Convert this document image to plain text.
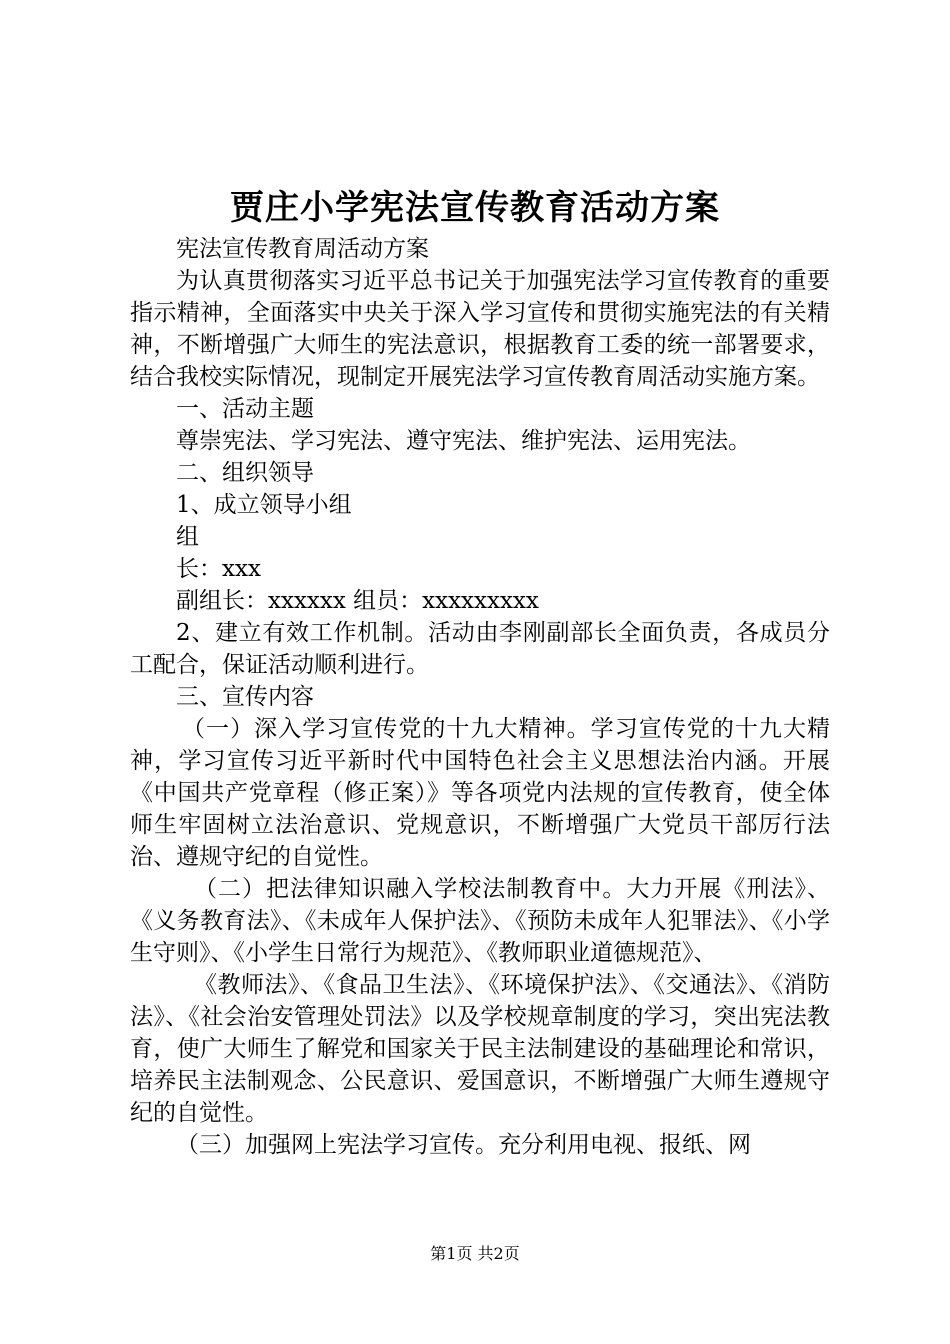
贾庄小学宪法宣传教育活动方案

宪法宣传教育周活动方案

为认真贯彻落实习近平总书记关于加强宪法学习宣传教育的重要指示精神，全面落实中央关于深入学习宣传和贯彻实施宪法的有关精神，不断增强广大师生的宪法意识，根据教育工委的统一部署要求，结合我校实际情况，现制定开展宪法学习宣传教育周活动实施方案。

一、活动主题

尊崇宪法、学习宪法、遵守宪法、维护宪法、运用宪法。

二、组织领导

1、成立领导小组

组

长：xxx

副组长：xxxxxx 组员：xxxxxxxxx

2、建立有效工作机制。活动由李刚副部长全面负责，各成员分工配合，保证活动顺利进行。

三、宣传内容

（一）深入学习宣传党的十九大精神。学习宣传党的十九大精神，学习宣传习近平新时代中国特色社会主义思想法治内涵。开展《中国共产党章程（修正案）》等各项党内法规的宣传教育，使全体师生牢固树立法治意识、党规意识，不断增强广大党员干部厉行法治、遵规守纪的自觉性。

（二）把法律知识融入学校法制教育中。大力开展《刑法》、《义务教育法》、《未成年人保护法》、《预防未成年人犯罪法》、《小学生守则》、《小学生日常行为规范》、《教师职业道德规范》、

《教师法》、《食品卫生法》、《环境保护法》、《交通法》、《消防法》、《社会治安管理处罚法》以及学校规章制度的学习，突出宪法教育，使广大师生了解党和国家关于民主法制建设的基础理论和常识，培养民主法制观念、公民意识、爱国意识，不断增强广大师生遵规守纪的自觉性。

（三）加强网上宪法学习宣传。充分利用电视、报纸、网

第1页 共2页
